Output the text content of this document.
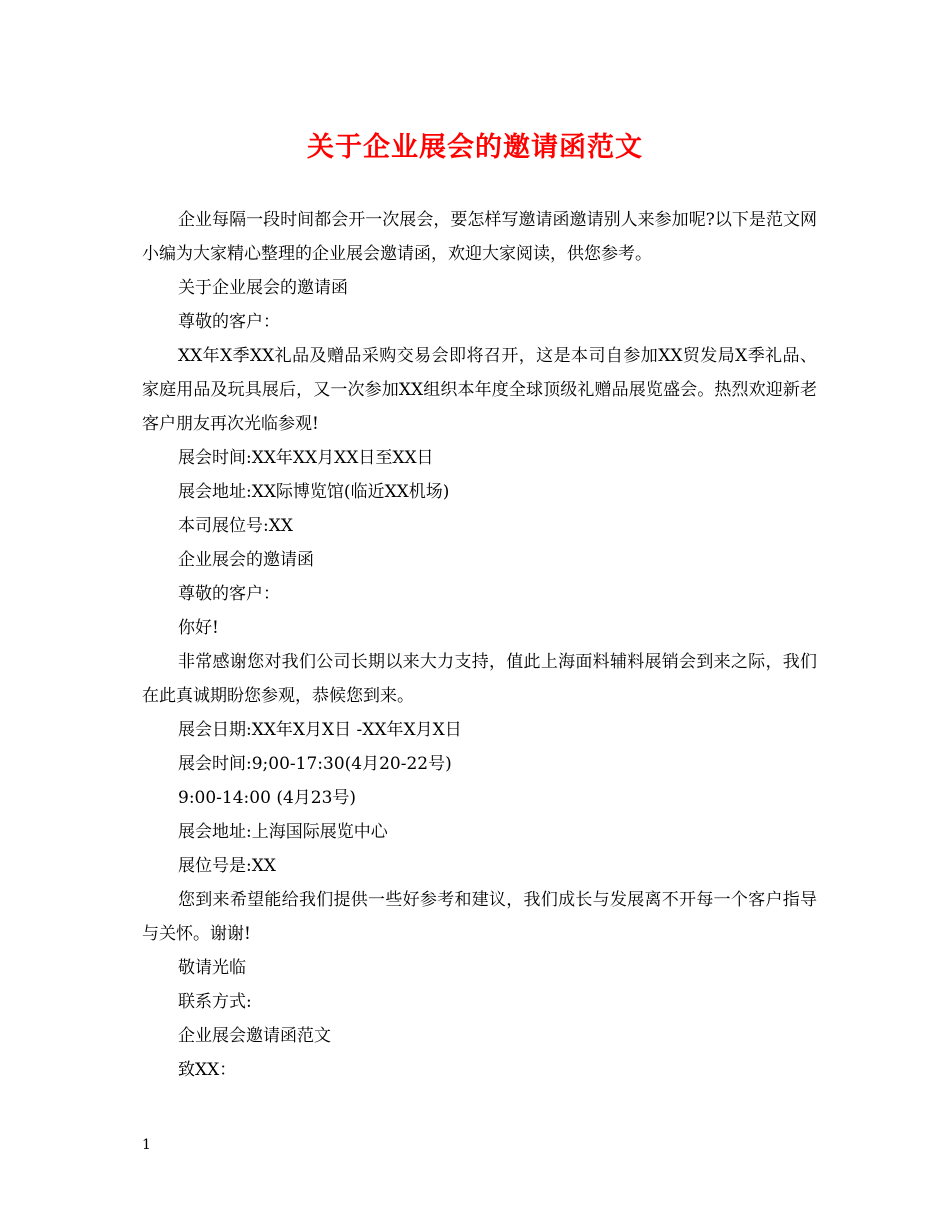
关于企业展会的邀请函范文

企业每隔一段时间都会开一次展会，要怎样写邀请函邀请别人来参加呢?以下是范文网小编为大家精心整理的企业展会邀请函，欢迎大家阅读，供您参考。

关于企业展会的邀请函

尊敬的客户：

XX年X季XX礼品及赠品采购交易会即将召开，这是本司自参加XX贸发局X季礼品、家庭用品及玩具展后，又一次参加XX组织本年度全球顶级礼赠品展览盛会。热烈欢迎新老客户朋友再次光临参观!

展会时间:XX年XX月XX日至XX日

展会地址:XX际博览馆(临近XX机场)

本司展位号:XX

企业展会的邀请函

尊敬的客户：

你好!

非常感谢您对我们公司长期以来大力支持，值此上海面料辅料展销会到来之际，我们在此真诚期盼您参观，恭候您到来。

展会日期:XX年X月X日 -XX年X月X日

展会时间:9;00-17:30(4月20-22号)

9:00-14:00 (4月23号)

展会地址:上海国际展览中心

展位号是:XX

您到来希望能给我们提供一些好参考和建议，我们成长与发展离不开每一个客户指导与关怀。谢谢!

敬请光临

联系方式:

企业展会邀请函范文

致XX：

1
